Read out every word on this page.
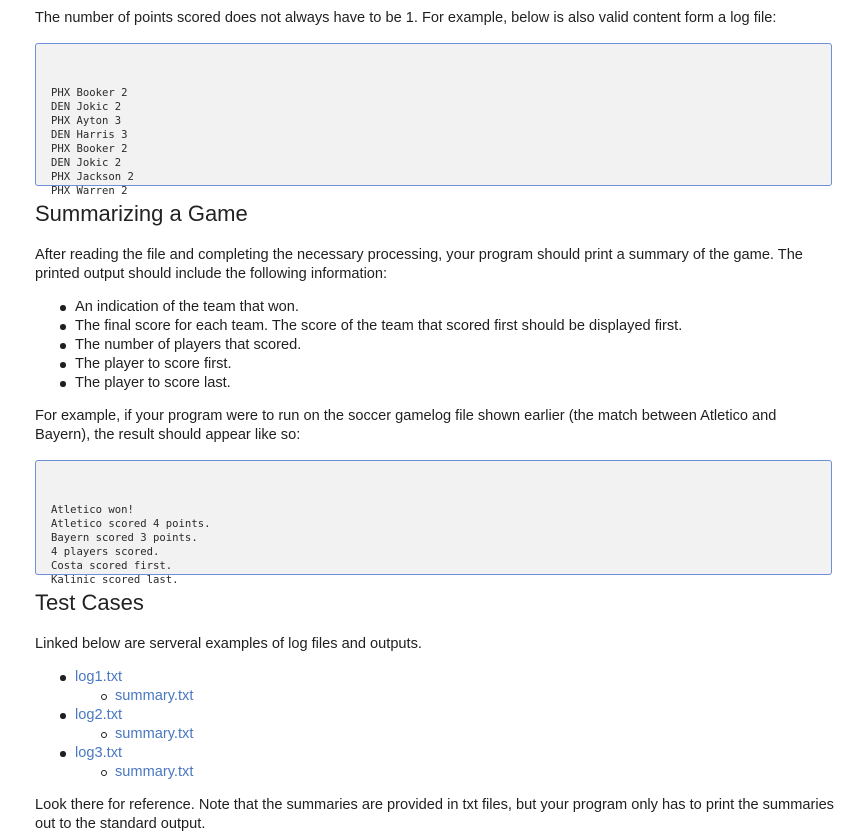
The number of points scored does not always have to be 1. For example, below is also valid content form a log file:

PHX Booker 2
DEN Jokic 2
PHX Ayton 3
DEN Harris 3
PHX Booker 2
DEN Jokic 2
PHX Jackson 2
PHX Warren 2

Summarizing a Game

After reading the file and completing the necessary processing, your program should print a summary of the game. The printed output should include the following information:

An indication of the team that won.
The final score for each team. The score of the team that scored first should be displayed first.
The number of players that scored.
The player to score first.
The player to score last.

For example, if your program were to run on the soccer gamelog file shown earlier (the match between Atletico and Bayern), the result should appear like so:

Atletico won!
Atletico scored 4 points.
Bayern scored 3 points.
4 players scored.
Costa scored first.
Kalinic scored last.

Test Cases

Linked below are serveral examples of log files and outputs.

log1.txt
summary.txt
log2.txt
summary.txt
log3.txt
summary.txt

Look there for reference. Note that the summaries are provided in txt files, but your program only has to print the summaries out to the standard output.
